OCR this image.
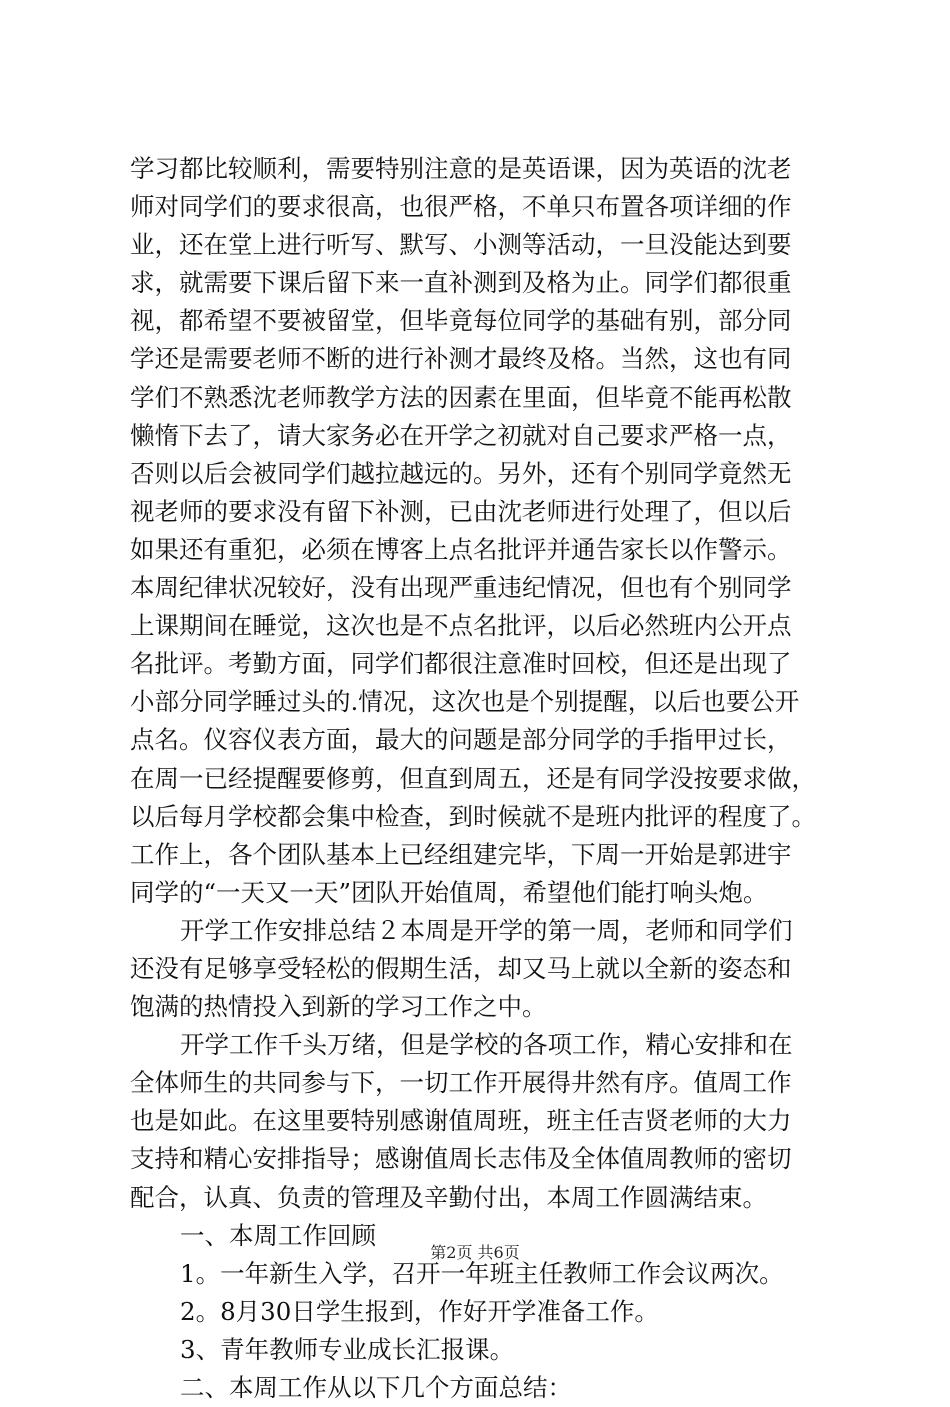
学习都比较顺利，需要特别注意的是英语课，因为英语的沈老
师对同学们的要求很高，也很严格，不单只布置各项详细的作
业，还在堂上进行听写、默写、小测等活动，一旦没能达到要
求，就需要下课后留下来一直补测到及格为止。同学们都很重
视，都希望不要被留堂，但毕竟每位同学的基础有别，部分同
学还是需要老师不断的进行补测才最终及格。当然，这也有同
学们不熟悉沈老师教学方法的因素在里面，但毕竟不能再松散
懒惰下去了，请大家务必在开学之初就对自己要求严格一点，
否则以后会被同学们越拉越远的。另外，还有个别同学竟然无
视老师的要求没有留下补测，已由沈老师进行处理了，但以后
如果还有重犯，必须在博客上点名批评并通告家长以作警示。
本周纪律状况较好，没有出现严重违纪情况，但也有个别同学
上课期间在睡觉，这次也是不点名批评，以后必然班内公开点
名批评。考勤方面，同学们都很注意准时回校，但还是出现了
小部分同学睡过头的.情况，这次也是个别提醒，以后也要公开
点名。仪容仪表方面，最大的问题是部分同学的手指甲过长，
在周一已经提醒要修剪，但直到周五，还是有同学没按要求做，
以后每月学校都会集中检查，到时候就不是班内批评的程度了。
工作上，各个团队基本上已经组建完毕，下周一开始是郭进宇
同学的“一天又一天”团队开始值周，希望他们能打响头炮。
开学工作安排总结２本周是开学的第一周，老师和同学们
还没有足够享受轻松的假期生活，却又马上就以全新的姿态和
饱满的热情投入到新的学习工作之中。
开学工作千头万绪，但是学校的各项工作，精心安排和在
全体师生的共同参与下，一切工作开展得井然有序。值周工作
也是如此。在这里要特别感谢值周班，班主任吉贤老师的大力
支持和精心安排指导；感谢值周长志伟及全体值周教师的密切
配合，认真、负责的管理及辛勤付出，本周工作圆满结束。
一、本周工作回顾
1。一年新生入学，召开一年班主任教师工作会议两次。
2。8月30日学生报到，作好开学准备工作。
3、青年教师专业成长汇报课。
二、本周工作从以下几个方面总结：
第2页 共6页
